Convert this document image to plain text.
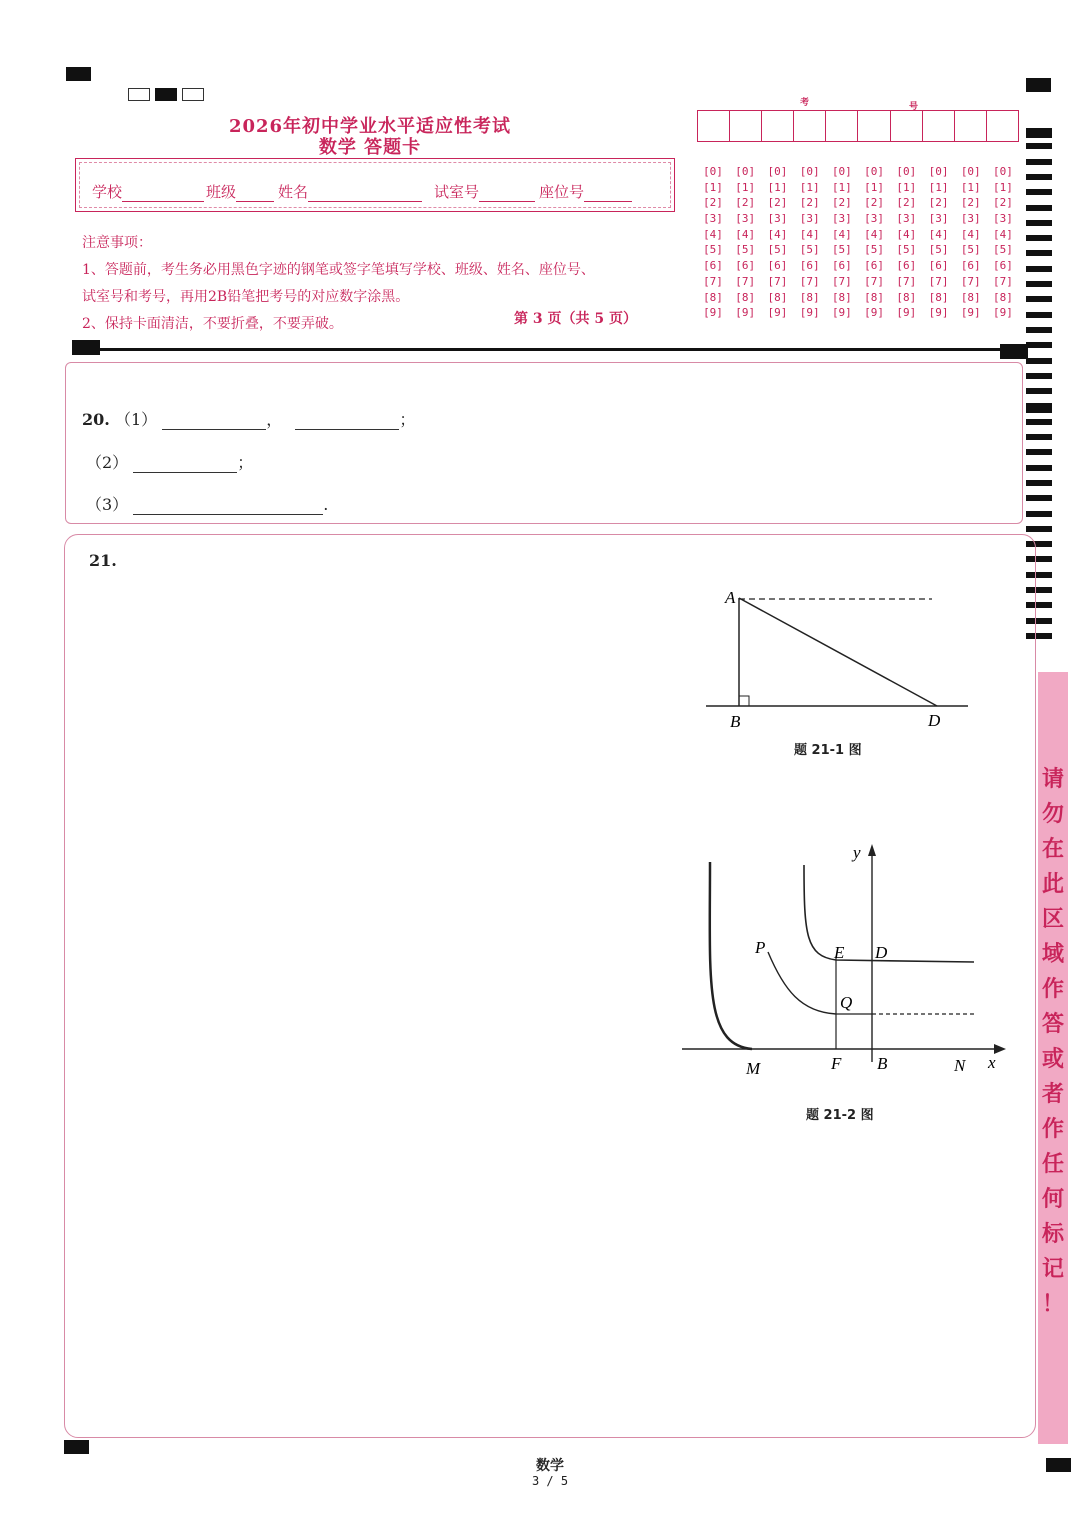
2026年初中学业水平适应性考试
数学 答题卡
学校	班级	姓名	试室号	座位号
注意事项：
1、答题前，考生务必用黑色字迹的钢笔或签字笔填写学校、班级、姓名、座位号、
试室号和考号，再用2B铅笔把考号的对应数字涂黑。
2、保持卡面清洁，不要折叠，不要弄破。	第 3 页（共 5 页）
考	号
[0]	[0]	[0]	[0]	[0]	[0]	[0]	[0]	[0]	[0]
[1]	[1]	[1]	[1]	[1]	[1]	[1]	[1]	[1]	[1]
[2]	[2]	[2]	[2]	[2]	[2]	[2]	[2]	[2]	[2]
[3]	[3]	[3]	[3]	[3]	[3]	[3]	[3]	[3]	[3]
[4]	[4]	[4]	[4]	[4]	[4]	[4]	[4]	[4]	[4]
[5]	[5]	[5]	[5]	[5]	[5]	[5]	[5]	[5]	[5]
[6]	[6]	[6]	[6]	[6]	[6]	[6]	[6]	[6]	[6]
[7]	[7]	[7]	[7]	[7]	[7]	[7]	[7]	[7]	[7]
[8]	[8]	[8]	[8]	[8]	[8]	[8]	[8]	[8]	[8]
[9]	[9]	[9]	[9]	[9]	[9]	[9]	[9]	[9]	[9]
20. （1）	，	；
（2）	；
（3）	.
21.
A
B	D
题 21-1 图
y
x
P	E D
Q
M	F B	N
题 21-2 图
请
勿
在
此
区
域
作
答
或
者
作
任
何
标
记
！
数学
3 / 5
